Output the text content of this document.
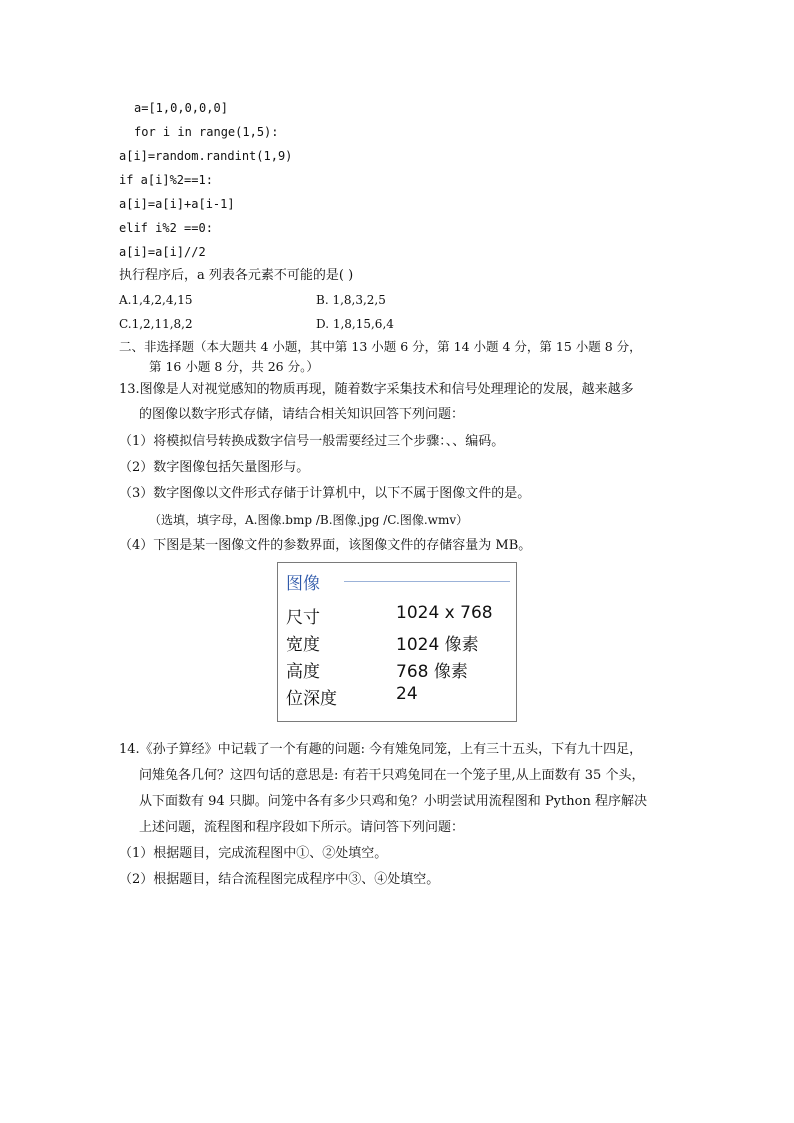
a=[1,0,0,0,0]
for i in range(1,5):
a[i]=random.randint(1,9)
if a[i]%2==1:
a[i]=a[i]+a[i-1]
elif i%2 ==0:
a[i]=a[i]//2
执行程序后，a 列表各元素不可能的是( )
A.1,4,2,4,15	B. 1,8,3,2,5
C.1,2,11,8,2	D. 1,8,15,6,4
二、非选择题（本大题共 4 小题，其中第 13 小题 6 分，第 14 小题 4 分，第 15 小题 8 分，
第 16 小题 8 分，共 26 分。）
13.图像是人对视觉感知的物质再现，随着数字采集技术和信号处理理论的发展，越来越多
的图像以数字形式存储，请结合相关知识回答下列问题：
（1）将模拟信号转换成数字信号一般需要经过三个步骤：、、编码。
（2）数字图像包括矢量图形与。
（3）数字图像以文件形式存储于计算机中，以下不属于图像文件的是。
（选填，填字母，A.图像.bmp /B.图像.jpg /C.图像.wmv）
（4）下图是某一图像文件的参数界面，该图像文件的存储容量为 MB。
图像
尺寸	1024 x 768
宽度	1024 像素
高度	768 像素
位深度	24
14.《孙子算经》中记载了一个有趣的问题: 今有雉兔同笼，上有三十五头，下有九十四足，
问雉兔各几何？这四句话的意思是: 有若干只鸡兔同在一个笼子里,从上面数有 35 个头，
从下面数有 94 只脚。问笼中各有多少只鸡和兔？小明尝试用流程图和 Python 程序解决
上述问题，流程图和程序段如下所示。请问答下列问题：
（1）根据题目，完成流程图中①、②处填空。
（2）根据题目，结合流程图完成程序中③、④处填空。
